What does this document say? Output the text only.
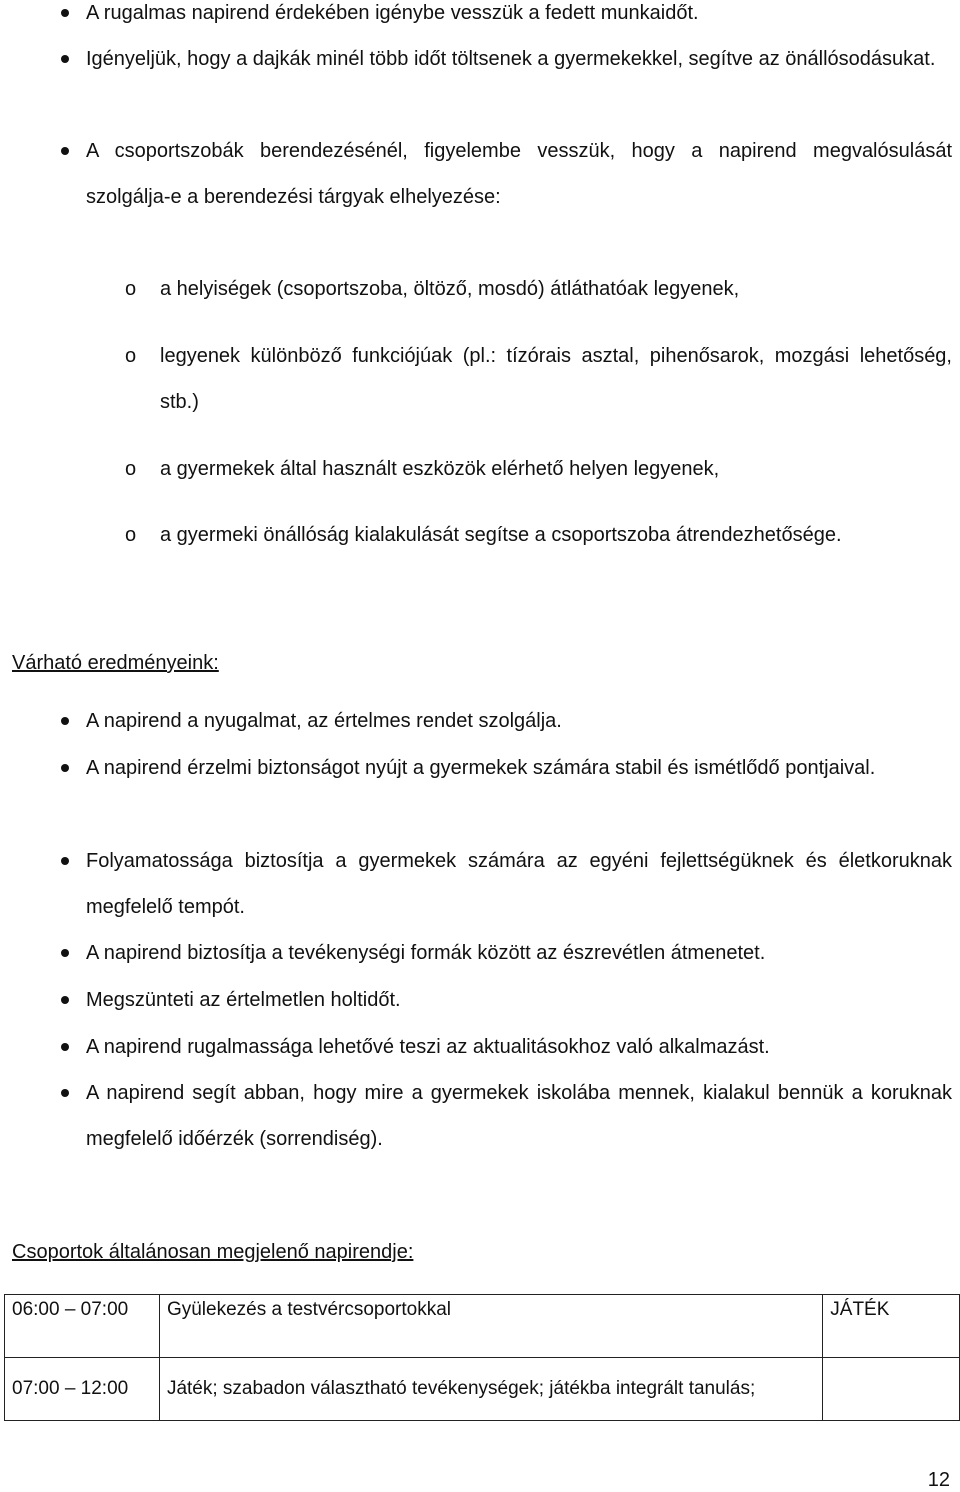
A rugalmas napirend érdekében igénybe vesszük a fedett munkaidőt.
Igényeljük, hogy a dajkák minél több időt töltsenek a gyermekekkel, segítve az önállósodásukat.
A csoportszobák berendezésénél, figyelembe vesszük, hogy a napirend megvalósulását szolgálja-e a berendezési tárgyak elhelyezése:
o a helyiségek (csoportszoba, öltöző, mosdó) átláthatóak legyenek,
o legyenek különböző funkciójúak (pl.: tízórais asztal, pihenősarok, mozgási lehetőség, stb.)
o a gyermekek által használt eszközök elérhető helyen legyenek,
o a gyermeki önállóság kialakulását segítse a csoportszoba átrendezhetősége.
Várható eredményeink:
A napirend a nyugalmat, az értelmes rendet szolgálja.
A napirend érzelmi biztonságot nyújt a gyermekek számára stabil és ismétlődő pontjaival.
Folyamatossága biztosítja a gyermekek számára az egyéni fejlettségüknek és életkoruknak megfelelő tempót.
A napirend biztosítja a tevékenységi formák között az észrevétlen átmenetet.
Megszünteti az értelmetlen holtidőt.
A napirend rugalmassága lehetővé teszi az aktualitásokhoz való alkalmazást.
A napirend segít abban, hogy mire a gyermekek iskolába mennek, kialakul bennük a koruknak megfelelő időérzék (sorrendiség).
Csoportok általánosan megjelenő napirendje:
06:00 – 07:00	Gyülekezés a testvércsoportokkal	JÁTÉK
07:00 – 12:00	Játék; szabadon választható tevékenységek; játékba integrált tanulás;	
12
